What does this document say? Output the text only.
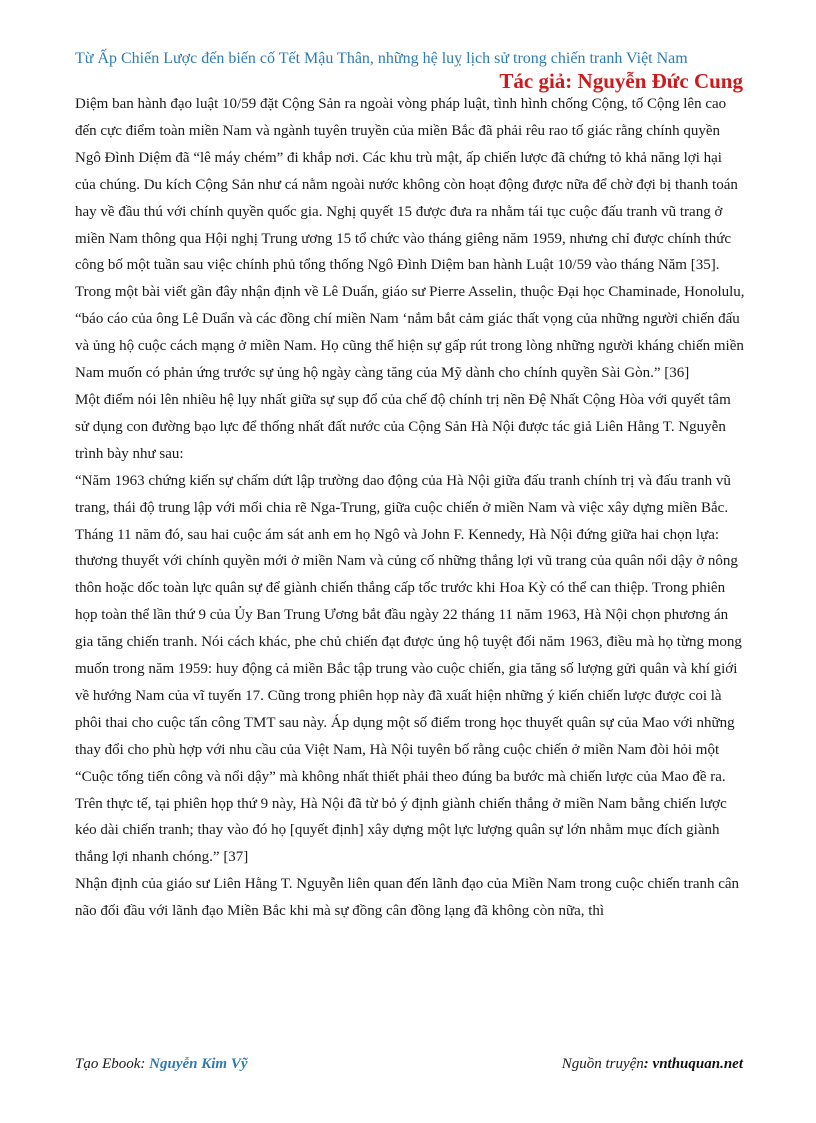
Từ Ấp Chiến Lược đến biến cố Tết Mậu Thân, những hệ luỵ lịch sử trong chiến tranh Việt Nam

Tác giả: Nguyễn Đức Cung

Diệm ban hành đạo luật 10/59 đặt Cộng Sản ra ngoài vòng pháp luật, tình hình chống Cộng, tố Cộng lên cao đến cực điểm toàn miền Nam và ngành tuyên truyền của miền Bắc đã phải rêu rao tố giác rằng chính quyền Ngô Đình Diệm đã “lê máy chém” đi khắp nơi. Các khu trù mật, ấp chiến lược đã chứng tỏ khả năng lợi hại của chúng. Du kích Cộng Sản như cá nằm ngoài nước không còn hoạt động được nữa để chờ đợi bị thanh toán hay về đầu thú với chính quyền quốc gia. Nghị quyết 15 được đưa ra nhằm tái tục cuộc đấu tranh vũ trang ở miền Nam thông qua Hội nghị Trung ương 15 tổ chức vào tháng giêng năm 1959, nhưng chỉ được chính thức công bố một tuần sau việc chính phủ tổng thống Ngô Đình Diệm ban hành Luật 10/59 vào tháng Năm [35].

Trong một bài viết gần đây nhận định về Lê Duẩn, giáo sư Pierre Asselin, thuộc Đại học Chaminade, Honolulu, “báo cáo của ông Lê Duẩn và các đồng chí miền Nam ‘nắm bắt cảm giác thất vọng của những người chiến đấu và ủng hộ cuộc cách mạng ở miền Nam. Họ cũng thể hiện sự gấp rút trong lòng những người kháng chiến miền Nam muốn có phản ứng trước sự ủng hộ ngày càng tăng của Mỹ dành cho chính quyền Sài Gòn.” [36]

Một điểm nói lên nhiều hệ lụy nhất giữa sự sụp đổ của chế độ chính trị nền Đệ Nhất Cộng Hòa với quyết tâm sử dụng con đường bạo lực để thống nhất đất nước của Cộng Sản Hà Nội được tác giả Liên Hằng T. Nguyễn trình bày như sau:

“Năm 1963 chứng kiến sự chấm dứt lập trường dao động của Hà Nội giữa đấu tranh chính trị và đấu tranh vũ trang, thái độ trung lập với mối chia rẽ Nga-Trung, giữa cuộc chiến ở miền Nam và việc xây dựng miền Bắc. Tháng 11 năm đó, sau hai cuộc ám sát anh em họ Ngô và John F. Kennedy, Hà Nội đứng giữa hai chọn lựa: thương thuyết với chính quyền mới ở miền Nam và củng cố những thắng lợi vũ trang của quân nổi dậy ở nông thôn hoặc dốc toàn lực quân sự để giành chiến thắng cấp tốc trước khi Hoa Kỳ có thể can thiệp. Trong phiên họp toàn thể lần thứ 9 của Ủy Ban Trung Ương bắt đầu ngày 22 tháng 11 năm 1963, Hà Nội chọn phương án gia tăng chiến tranh. Nói cách khác, phe chủ chiến đạt được ủng hộ tuyệt đối năm 1963, điều mà họ từng mong muốn trong năm 1959: huy động cả miền Bắc tập trung vào cuộc chiến, gia tăng số lượng gửi quân và khí giới về hướng Nam của vĩ tuyến 17. Cũng trong phiên họp này đã xuất hiện những ý kiến chiến lược được coi là phôi thai cho cuộc tấn công TMT sau này. Áp dụng một số điểm trong học thuyết quân sự của Mao với những thay đổi cho phù hợp với nhu cầu của Việt Nam, Hà Nội tuyên bố rằng cuộc chiến ở miền Nam đòi hỏi một “Cuộc tổng tiến công và nổi dậy” mà không nhất thiết phải theo đúng ba bước mà chiến lược của Mao đề ra. Trên thực tế, tại phiên họp thứ 9 này, Hà Nội đã từ bỏ ý định giành chiến thắng ở miền Nam bằng chiến lược kéo dài chiến tranh; thay vào đó họ [quyết định] xây dựng một lực lượng quân sự lớn nhằm mục đích giành thắng lợi nhanh chóng.” [37]

Nhận định của giáo sư Liên Hằng T. Nguyễn liên quan đến lãnh đạo của Miền Nam trong cuộc chiến tranh cân não đối đầu với lãnh đạo Miền Bắc khi mà sự đồng cân đồng lạng đã không còn nữa, thì

Tạo Ebook: Nguyễn Kim Vỹ	Nguồn truyện: vnthuquan.net
